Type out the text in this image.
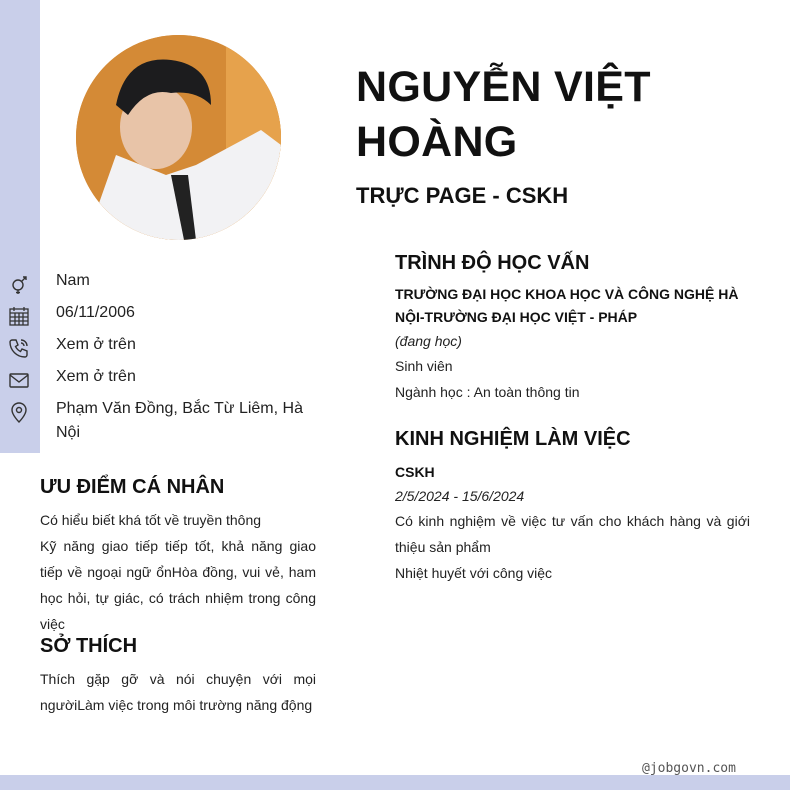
NGUYỄN VIỆT HOÀNG
TRỰC PAGE - CSKH
Nam
06/11/2006
Xem ở trên
Xem ở trên
Phạm Văn Đồng, Bắc Từ Liêm, Hà Nội
ƯU ĐIỂM CÁ NHÂN
Có hiểu biết khá tốt về truyền thông
Kỹ năng giao tiếp tiếp tốt, khả năng giao tiếp về ngoại ngữ ổnHòa đồng, vui vẻ, ham học hỏi, tự giác, có trách nhiệm trong công việc
SỞ THÍCH
Thích gặp gỡ và nói chuyện với mọi ngườiLàm việc trong môi trường năng động
TRÌNH ĐỘ HỌC VẤN
TRƯỜNG ĐẠI HỌC KHOA HỌC VÀ CÔNG NGHỆ HÀ NỘI-TRƯỜNG ĐẠI HỌC VIỆT - PHÁP
(đang học)
Sinh viên
Ngành học : An toàn thông tin
KINH NGHIỆM LÀM VIỆC
CSKH
2/5/2024 - 15/6/2024
Có kinh nghiệm về việc tư vấn cho khách hàng và giới thiệu sản phẩm
Nhiệt huyết với công việc
@jobgovn.com
